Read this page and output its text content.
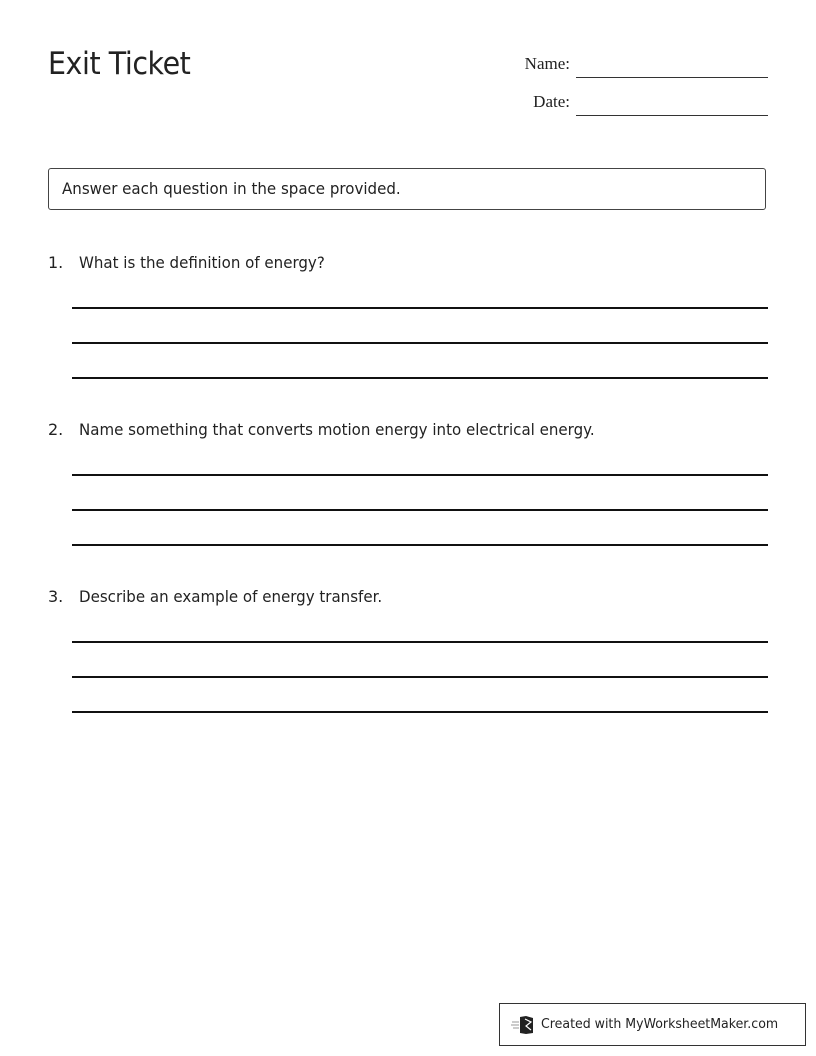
Exit Ticket	Name:
Date:
Answer each question in the space provided.
1. What is the definition of energy?
2. Name something that converts motion energy into electrical energy.
3. Describe an example of energy transfer.
Created with MyWorksheetMaker.com
